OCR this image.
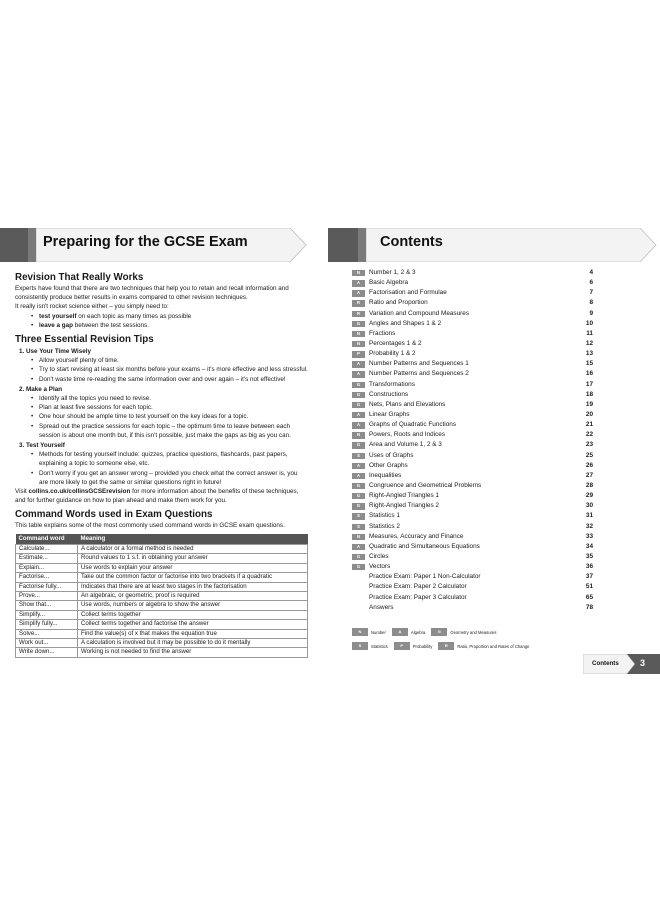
Preparing for the GCSE Exam
Revision That Really Works

Experts have found that there are two techniques that help you to retain and recall information and consistently produce better results in exams compared to other revision techniques.

It really isn't rocket science either – you simply need to:

• test yourself on each topic as many times as possible
• leave a gap between the test sessions.
Three Essential Revision Tips
1. Use Your Time Wisely
• Allow yourself plenty of time.
• Try to start revising at least six months before your exams – it's more effective and less stressful.
• Don't waste time re-reading the same information over and over again – it's not effective!
2. Make a Plan
• Identify all the topics you need to revise.
• Plan at least five sessions for each topic.
• One hour should be ample time to test yourself on the key ideas for a topic.
• Spread out the practice sessions for each topic – the optimum time to leave between each session is about one month but, if this isn't possible, just make the gaps as big as you can.
3. Test Yourself
• Methods for testing yourself include: quizzes, practice questions, flashcards, past papers, explaining a topic to someone else, etc.
• Don't worry if you get an answer wrong – provided you check what the correct answer is, you are more likely to get the same or similar questions right in future!

Visit collins.co.uk/collinsGCSErevision for more information about the benefits of these techniques, and for further guidance on how to plan ahead and make them work for you.

Command Words used in Exam Questions

This table explains some of the most commonly used command words in GCSE exam questions.

Command word	Meaning
Calculate...	A calculator or a formal method is needed
Estimate...	Round values to 1 s.f. in obtaining your answer
Explain...	Use words to explain your answer
Factorise...	Take out the common factor or factorise into two brackets if a quadratic
Factorise fully...	Indicates that there are at least two stages in the factorisation
Prove...	An algebraic, or geometric, proof is required
Show that...	Use words, numbers or algebra to show the answer
Simplify...	Collect terms together
Simplify fully...	Collect terms together and factorise the answer
Solve...	Find the value(s) of x that makes the equation true
Work out...	A calculation is involved but it may be possible to do it mentally
Write down...	Working is not needed to find the answer
Contents
N	Number 1, 2 & 3	4
A	Basic Algebra	6
A	Factorisation and Formulae	7
R	Ratio and Proportion	8
R	Variation and Compound Measures	9
G	Angles and Shapes 1 & 2	10
N	Fractions	11
N	Percentages 1 & 2	12
P	Probability 1 & 2	13
A	Number Patterns and Sequences 1	15
A	Number Patterns and Sequences 2	16
G	Transformations	17
G	Constructions	18
G	Nets, Plans and Elevations	19
A	Linear Graphs	20
A	Graphs of Quadratic Functions	21
N	Powers, Roots and Indices	22
G	Area and Volume 1, 2 & 3	23
S	Uses of Graphs	25
A	Other Graphs	26
A	Inequalities	27
G	Congruence and Geometrical Problems	28
G	Right-Angled Triangles 1	29
G	Right-Angled Triangles 2	30
S	Statistics 1	31
S	Statistics 2	32
N	Measures, Accuracy and Finance	33
A	Quadratic and Simultaneous Equations	34
G	Circles	35
G	Vectors	36
Practice Exam: Paper 1 Non-Calculator	37
Practice Exam: Paper 2 Calculator	51
Practice Exam: Paper 3 Calculator	65
Answers	78
N Number	A Algebra	G Geometry and Measures
S Statistics	P Probability	R Ratio, Proportion and Rates of Change
Contents 3
